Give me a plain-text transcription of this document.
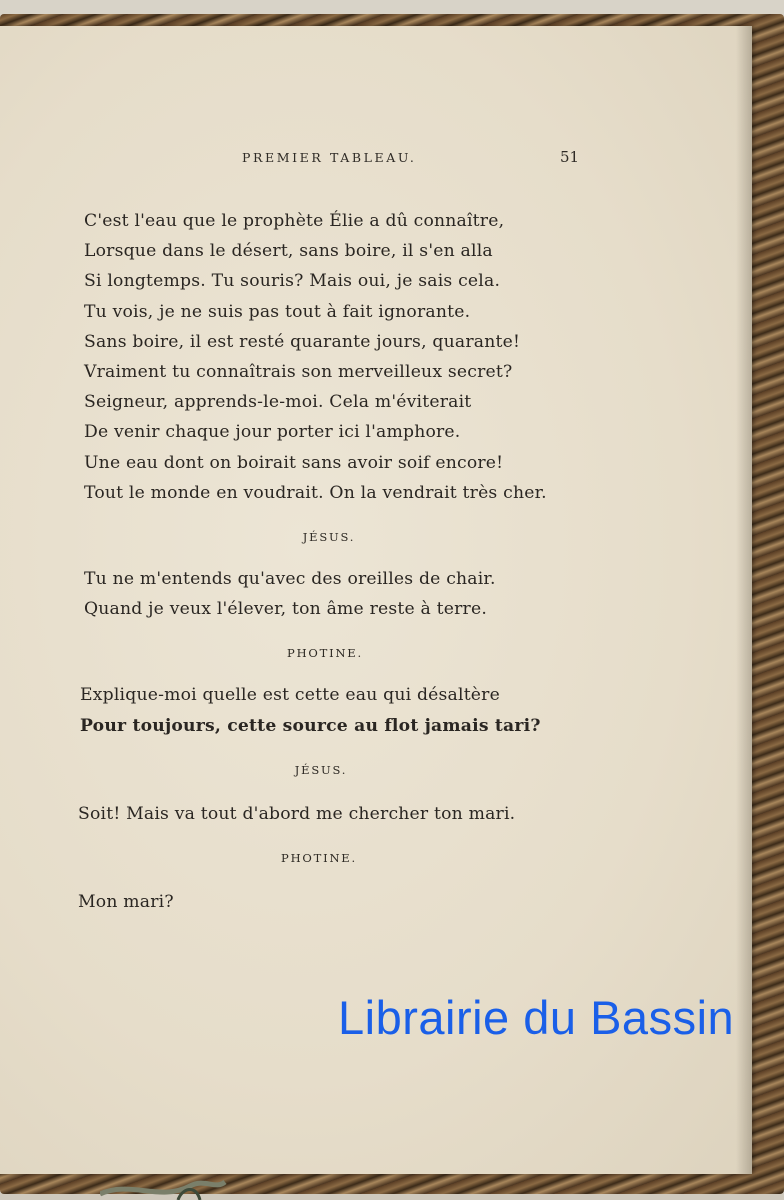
PREMIER TABLEAU.	51
C'est l'eau que le prophète Élie a dû connaître,
Lorsque dans le désert, sans boire, il s'en alla
Si longtemps. Tu souris? Mais oui, je sais cela.
Tu vois, je ne suis pas tout à fait ignorante.
Sans boire, il est resté quarante jours, quarante!
Vraiment tu connaîtrais son merveilleux secret?
Seigneur, apprends-le-moi. Cela m'éviterait
De venir chaque jour porter ici l'amphore.
Une eau dont on boirait sans avoir soif encore!
Tout le monde en voudrait. On la vendrait très cher.
JÉSUS.
Tu ne m'entends qu'avec des oreilles de chair.
Quand je veux l'élever, ton âme reste à terre.
PHOTINE.
Explique-moi quelle est cette eau qui désaltère
Pour toujours, cette source au flot jamais tari?
JÉSUS.
Soit! Mais va tout d'abord me chercher ton mari.
PHOTINE.
Mon mari?
Librairie du Bassin
